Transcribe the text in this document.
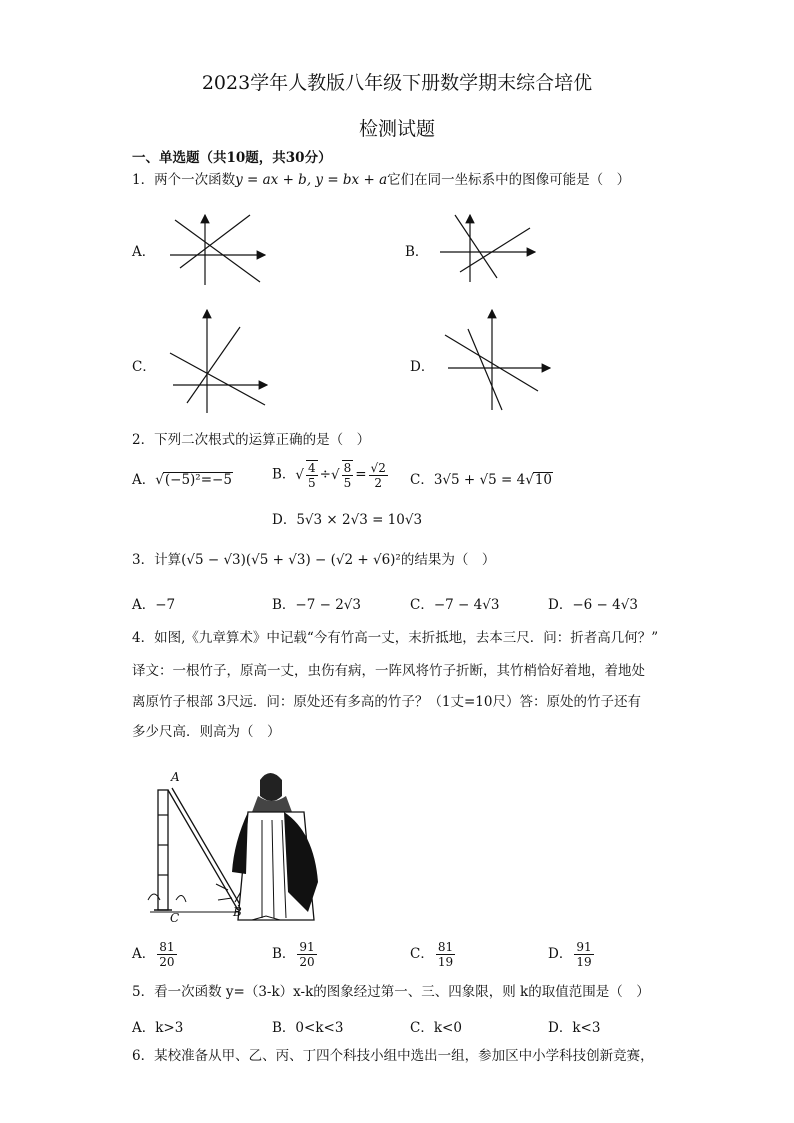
2023学年人教版八年级下册数学期末综合培优
检测试题
一、单选题（共10题，共30分）
1．两个一次函数y = ax + b, y = bx + a它们在同一坐标系中的图像可能是（　）
A．	B．
C．	D．
2．下列二次根式的运算正确的是（　）
A． √ (−5)²=−5	B． √ $\frac{4}{5}$ ÷ √ $\frac{8}{5} = \frac{√2}{2}$ C．3√5 + √5 = 4 √ 10
D．5√3 × 2√3 = 10√3
3．计算(√5 − √3)(√5 + √3) − (√2 + √6)²的结果为（　）
A．−7	B．−7 − 2√3	C．−7 − 4√3	D．−6 − 4√3
4．如图,《九章算术》中记载“今有竹高一丈，末折抵地，去本三尺．问：折者高几何？”
译文：一根竹子，原高一丈，虫伤有病，一阵风将竹子折断，其竹梢恰好着地，着地处
离原竹子根部 3尺远．问：原处还有多高的竹子？（1丈=10尺）答：原处的竹子还有
多少尺高．则高为（　）
A
B
C
A． $\frac{81}{20}$	B． $\frac{91}{20}$	C． $\frac{81}{19}$	D． $\frac{91}{19}$
5．看一次函数 y=（3-k）x-k的图象经过第一、三、四象限，则 k的取值范围是（　）
A．k>3	B．0<k<3	C．k<0	D．k<3
6．某校准备从甲、乙、丙、丁四个科技小组中选出一组，参加区中小学科技创新竞赛，
